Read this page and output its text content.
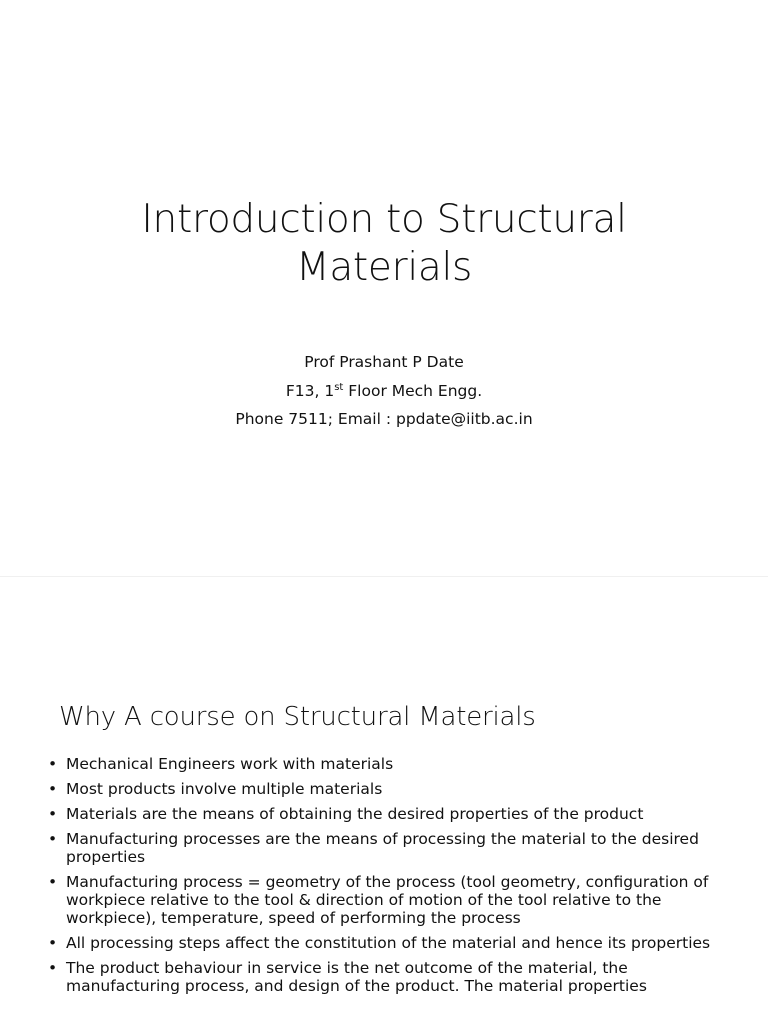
Introduction to Structural
Materials
Prof Prashant P Date
F13, 1st Floor Mech Engg.
Phone 7511; Email : ppdate@iitb.ac.in
Why A course on Structural Materials
• Mechanical Engineers work with materials
• Most products involve multiple materials
• Materials are the means of obtaining the desired properties of the product
• Manufacturing processes are the means of processing the material to the desired properties
• Manufacturing process = geometry of the process (tool geometry, configuration of workpiece relative to the tool & direction of motion of the tool relative to the workpiece), temperature, speed of performing the process
• All processing steps affect the constitution of the material and hence its properties
• The product behaviour in service is the net outcome of the material, the manufacturing process, and design of the product. The material properties
